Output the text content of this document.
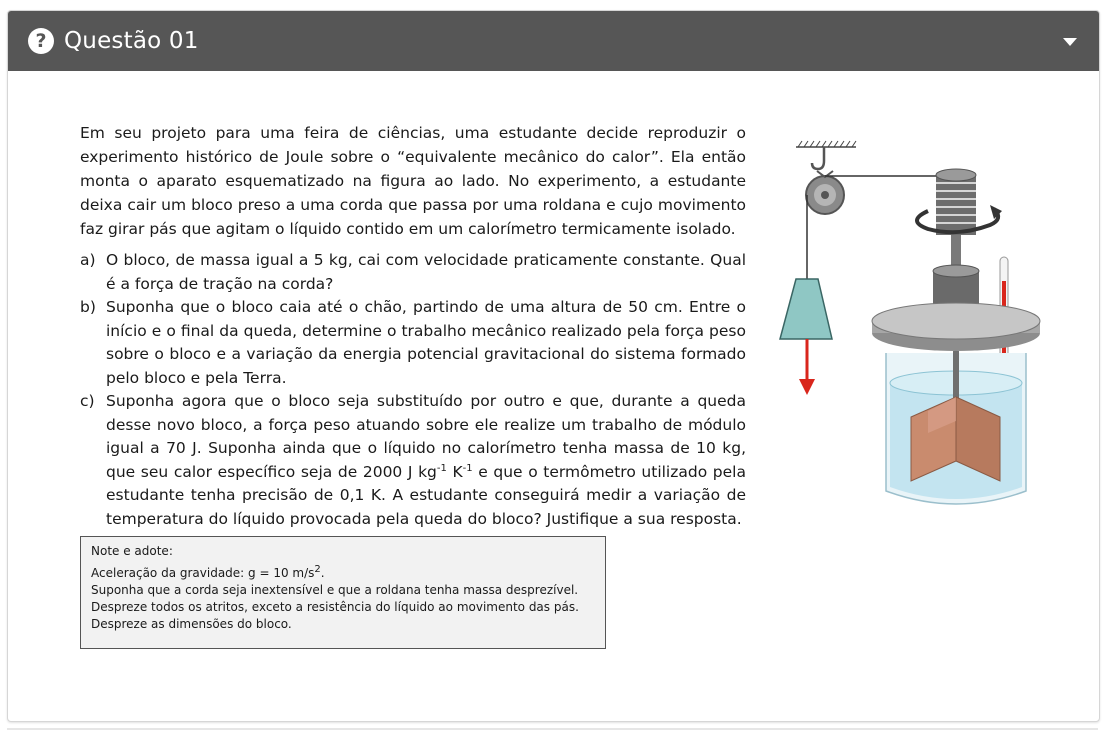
? Questão 01

Em seu projeto para uma feira de ciências, uma estudante decide reproduzir o experimento histórico de Joule sobre o “equivalente mecânico do calor”. Ela então monta o aparato esquematizado na figura ao lado. No experimento, a estudante deixa cair um bloco preso a uma corda que passa por uma roldana e cujo movimento faz girar pás que agitam o líquido contido em um calorímetro termicamente isolado.

a) O bloco, de massa igual a 5 kg, cai com velocidade praticamente constante. Qual é a força de tração na corda?
b) Suponha que o bloco caia até o chão, partindo de uma altura de 50 cm. Entre o início e o final da queda, determine o trabalho mecânico realizado pela força peso sobre o bloco e a variação da energia potencial gravitacional do sistema formado pelo bloco e pela Terra.
c) Suponha agora que o bloco seja substituído por outro e que, durante a queda desse novo bloco, a força peso atuando sobre ele realize um trabalho de módulo igual a 70 J. Suponha ainda que o líquido no calorímetro tenha massa de 10 kg, que seu calor específico seja de 2000 J $kg^{-1}$ $K^{-1}$ e que o termômetro utilizado pela estudante tenha precisão de 0,1 K. A estudante conseguirá medir a variação de temperatura do líquido provocada pela queda do bloco? Justifique a sua resposta.
Note e adote:
Aceleração da gravidade: g = 10 $m/s^2$.
Suponha que a corda seja inextensível e que a roldana tenha massa desprezível.
Despreze todos os atritos, exceto a resistência do líquido ao movimento das pás.
Despreze as dimensões do bloco.
